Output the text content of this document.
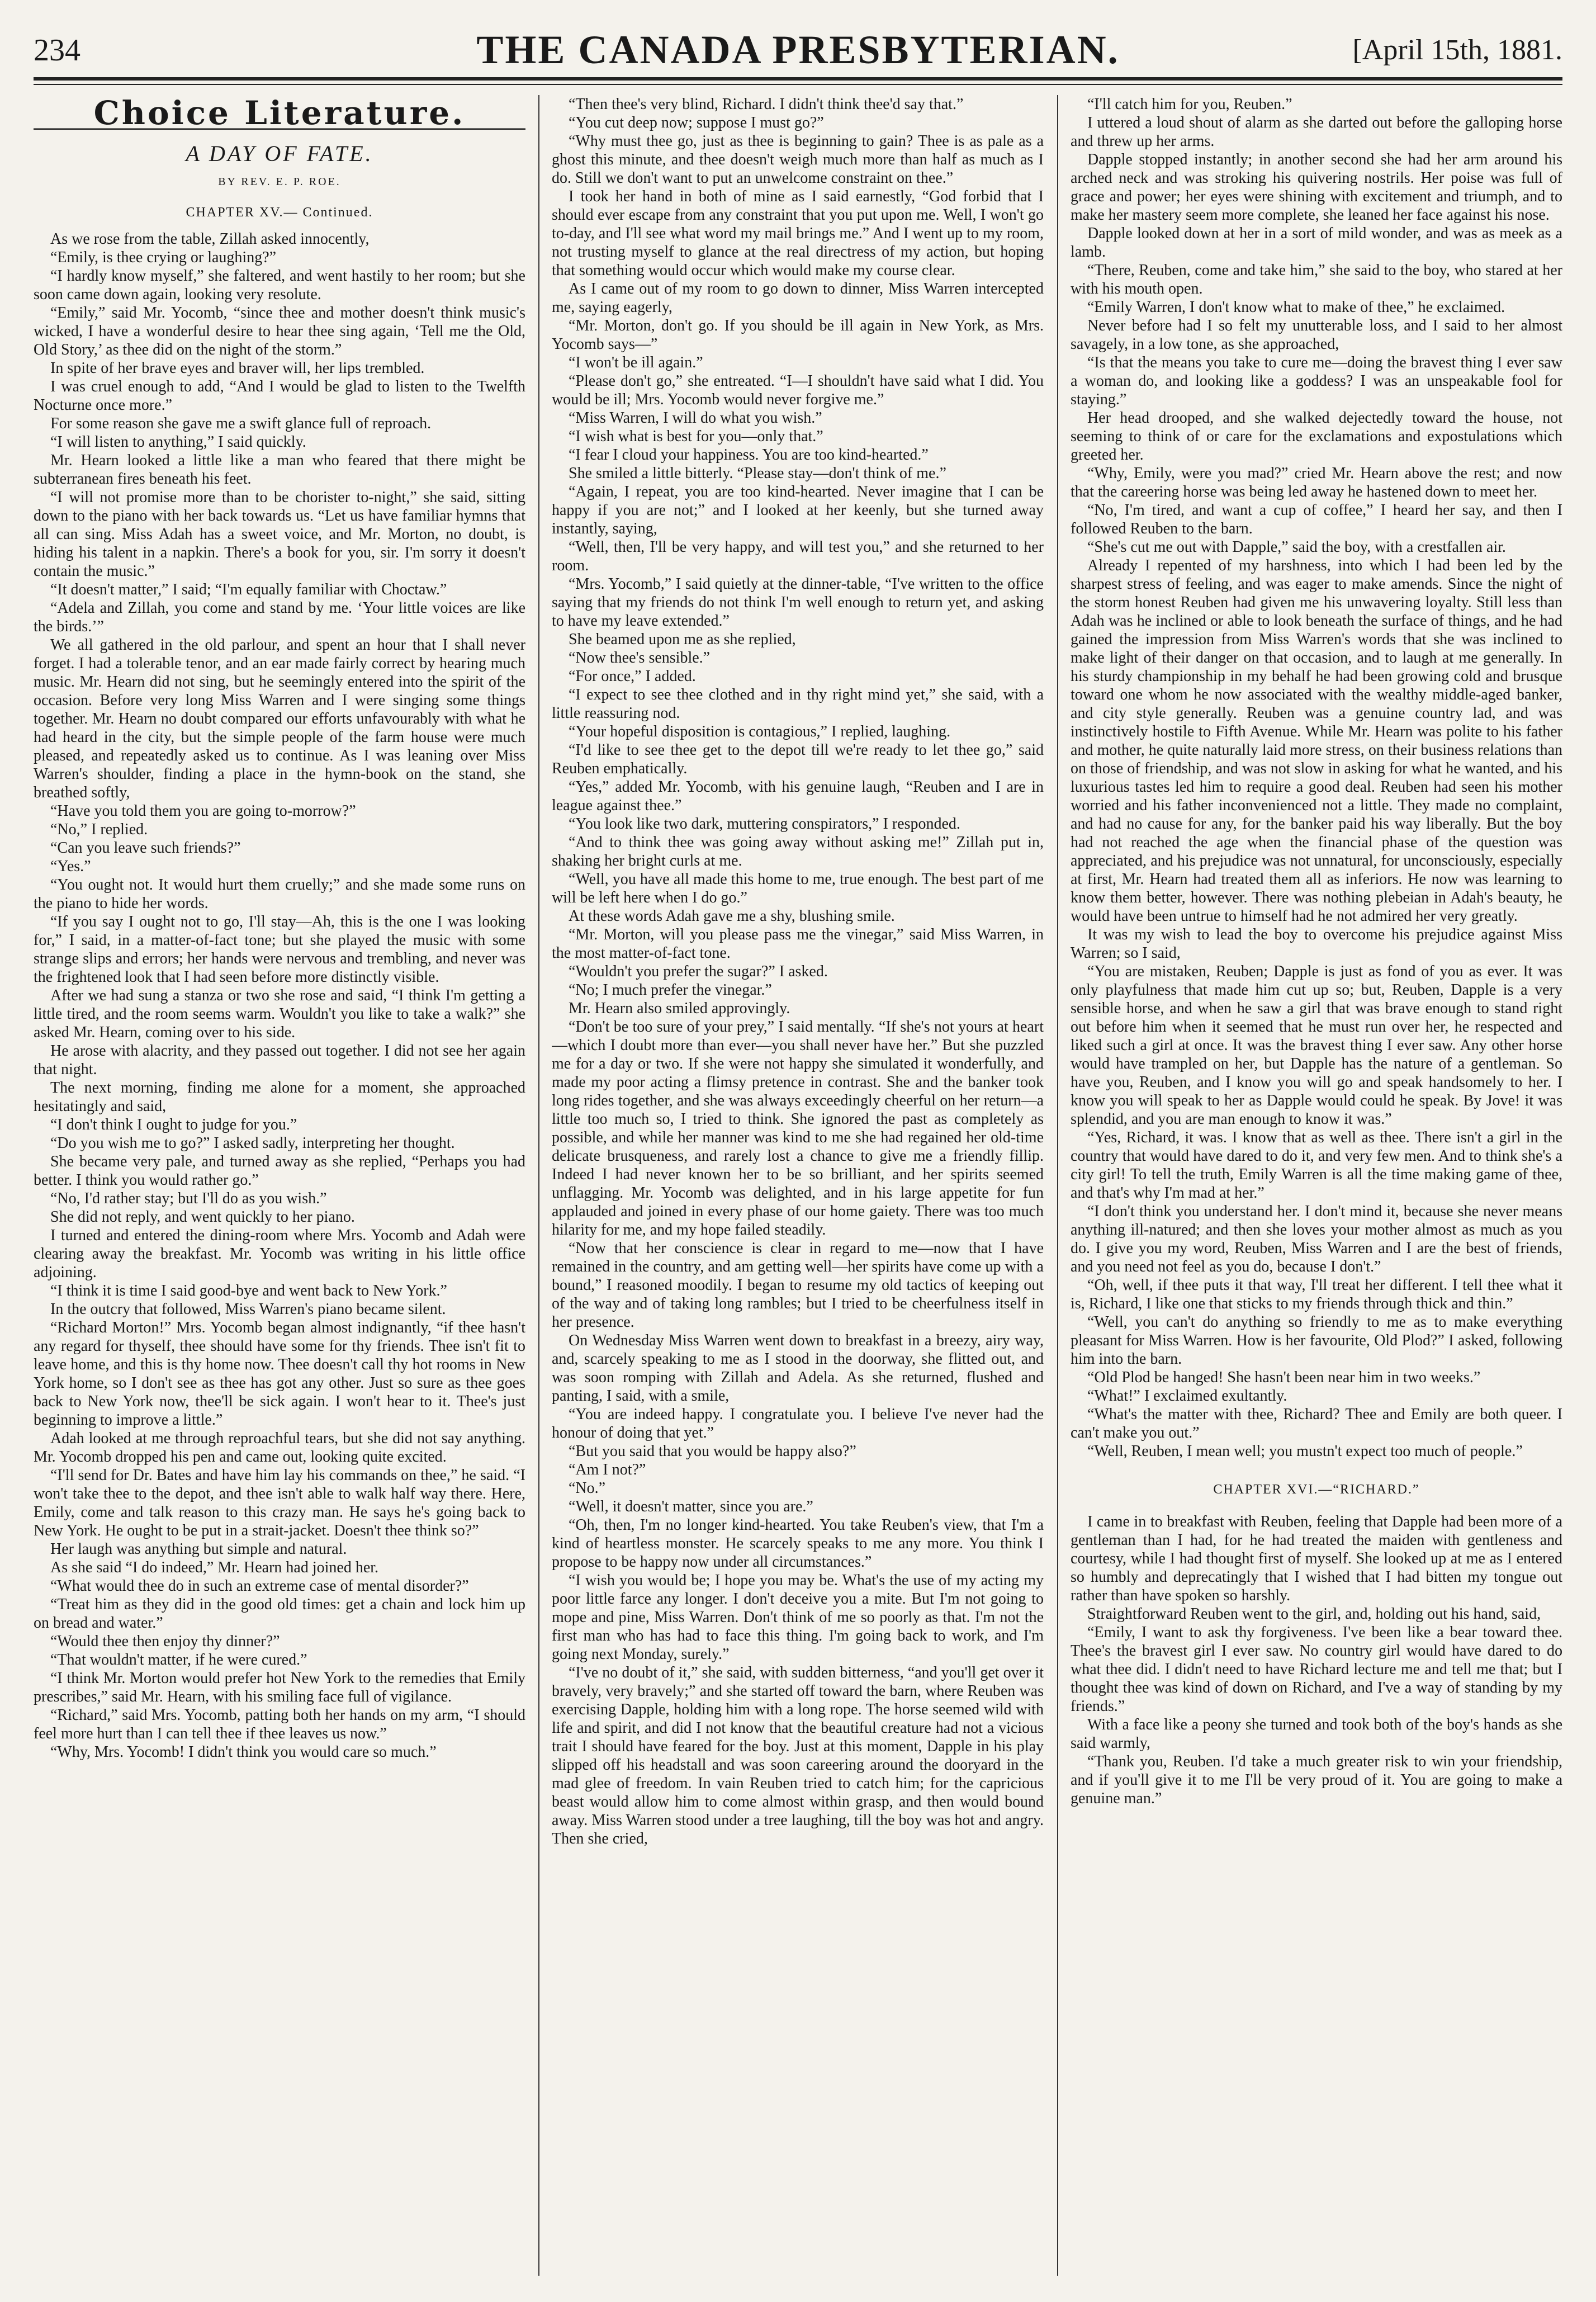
234	THE CANADA PRESBYTERIAN.	[April 15th, 1881.
Choice Literature.
A DAY OF FATE.
BY REV. E. P. ROE.
CHAPTER XV.— Continued.

As we rose from the table, Zillah asked innocently,

“Emily, is thee crying or laughing?”

“I hardly know myself,” she faltered, and went hastily to her room; but she soon came down again, looking very resolute.

“Emily,” said Mr. Yocomb, “since thee and mother doesn't think music's wicked, I have a wonderful desire to hear thee sing again, ‘Tell me the Old, Old Story,’ as thee did on the night of the storm.”

In spite of her brave eyes and braver will, her lips trembled.

I was cruel enough to add, “And I would be glad to listen to the Twelfth Nocturne once more.”

For some reason she gave me a swift glance full of reproach.

“I will listen to anything,” I said quickly.

Mr. Hearn looked a little like a man who feared that there might be subterranean fires beneath his feet.

“I will not promise more than to be chorister to-night,” she said, sitting down to the piano with her back towards us. “Let us have familiar hymns that all can sing. Miss Adah has a sweet voice, and Mr. Morton, no doubt, is hiding his talent in a napkin. There's a book for you, sir. I'm sorry it doesn't contain the music.”

“It doesn't matter,” I said; “I'm equally familiar with Choctaw.”

“Adela and Zillah, you come and stand by me. ‘Your little voices are like the birds.’”

We all gathered in the old parlour, and spent an hour that I shall never forget. I had a tolerable tenor, and an ear made fairly correct by hearing much music. Mr. Hearn did not sing, but he seemingly entered into the spirit of the occasion. Before very long Miss Warren and I were singing some things together. Mr. Hearn no doubt compared our efforts unfavourably with what he had heard in the city, but the simple people of the farm house were much pleased, and repeatedly asked us to continue. As I was leaning over Miss Warren's shoulder, finding a place in the hymn-book on the stand, she breathed softly,

“Have you told them you are going to-morrow?”

“No,” I replied.

“Can you leave such friends?”

“Yes.”

“You ought not. It would hurt them cruelly;” and she made some runs on the piano to hide her words.

“If you say I ought not to go, I'll stay—Ah, this is the one I was looking for,” I said, in a matter-of-fact tone; but she played the music with some strange slips and errors; her hands were nervous and trembling, and never was the frightened look that I had seen before more distinctly visible.

After we had sung a stanza or two she rose and said, “I think I'm getting a little tired, and the room seems warm. Wouldn't you like to take a walk?” she asked Mr. Hearn, coming over to his side.

He arose with alacrity, and they passed out together. I did not see her again that night.

The next morning, finding me alone for a moment, she approached hesitatingly and said,

“I don't think I ought to judge for you.”

“Do you wish me to go?” I asked sadly, interpreting her thought.

She became very pale, and turned away as she replied, “Perhaps you had better. I think you would rather go.”

“No, I'd rather stay; but I'll do as you wish.”

She did not reply, and went quickly to her piano.

I turned and entered the dining-room where Mrs. Yocomb and Adah were clearing away the breakfast. Mr. Yocomb was writing in his little office adjoining.

“I think it is time I said good-bye and went back to New York.”

In the outcry that followed, Miss Warren's piano became silent.

“Richard Morton!” Mrs. Yocomb began almost indignantly, “if thee hasn't any regard for thyself, thee should have some for thy friends. Thee isn't fit to leave home, and this is thy home now. Thee doesn't call thy hot rooms in New York home, so I don't see as thee has got any other. Just so sure as thee goes back to New York now, thee'll be sick again. I won't hear to it. Thee's just beginning to improve a little.”

Adah looked at me through reproachful tears, but she did not say anything. Mr. Yocomb dropped his pen and came out, looking quite excited.

“I'll send for Dr. Bates and have him lay his commands on thee,” he said. “I won't take thee to the depot, and thee isn't able to walk half way there. Here, Emily, come and talk reason to this crazy man. He says he's going back to New York. He ought to be put in a strait-jacket. Doesn't thee think so?”

Her laugh was anything but simple and natural.

As she said “I do indeed,” Mr. Hearn had joined her.

“What would thee do in such an extreme case of mental disorder?”

“Treat him as they did in the good old times: get a chain and lock him up on bread and water.”

“Would thee then enjoy thy dinner?”

“That wouldn't matter, if he were cured.”

“I think Mr. Morton would prefer hot New York to the remedies that Emily prescribes,” said Mr. Hearn, with his smiling face full of vigilance.

“Richard,” said Mrs. Yocomb, patting both her hands on my arm, “I should feel more hurt than I can tell thee if thee leaves us now.”

“Why, Mrs. Yocomb! I didn't think you would care so much.”

“Then thee's very blind, Richard. I didn't think thee'd say that.”

“You cut deep now; suppose I must go?”

“Why must thee go, just as thee is beginning to gain? Thee is as pale as a ghost this minute, and thee doesn't weigh much more than half as much as I do. Still we don't want to put an unwelcome constraint on thee.”

I took her hand in both of mine as I said earnestly, “God forbid that I should ever escape from any constraint that you put upon me. Well, I won't go to-day, and I'll see what word my mail brings me.” And I went up to my room, not trusting myself to glance at the real directress of my action, but hoping that something would occur which would make my course clear.

As I came out of my room to go down to dinner, Miss Warren intercepted me, saying eagerly,

“Mr. Morton, don't go. If you should be ill again in New York, as Mrs. Yocomb says—”

“I won't be ill again.”

“Please don't go,” she entreated. “I—I shouldn't have said what I did. You would be ill; Mrs. Yocomb would never forgive me.”

“Miss Warren, I will do what you wish.”

“I wish what is best for you—only that.”

“I fear I cloud your happiness. You are too kind-hearted.”

She smiled a little bitterly. “Please stay—don't think of me.”

“Again, I repeat, you are too kind-hearted. Never imagine that I can be happy if you are not;” and I looked at her keenly, but she turned away instantly, saying,

“Well, then, I'll be very happy, and will test you,” and she returned to her room.

“Mrs. Yocomb,” I said quietly at the dinner-table, “I've written to the office saying that my friends do not think I'm well enough to return yet, and asking to have my leave extended.”

She beamed upon me as she replied,

“Now thee's sensible.”

“For once,” I added.

“I expect to see thee clothed and in thy right mind yet,” she said, with a little reassuring nod.

“Your hopeful disposition is contagious,” I replied, laughing.

“I'd like to see thee get to the depot till we're ready to let thee go,” said Reuben emphatically.

“Yes,” added Mr. Yocomb, with his genuine laugh, “Reuben and I are in league against thee.”

“You look like two dark, muttering conspirators,” I responded.

“And to think thee was going away without asking me!” Zillah put in, shaking her bright curls at me.

“Well, you have all made this home to me, true enough. The best part of me will be left here when I do go.”

At these words Adah gave me a shy, blushing smile.

“Mr. Morton, will you please pass me the vinegar,” said Miss Warren, in the most matter-of-fact tone.

“Wouldn't you prefer the sugar?” I asked.

“No; I much prefer the vinegar.”

Mr. Hearn also smiled approvingly.

“Don't be too sure of your prey,” I said mentally. “If she's not yours at heart—which I doubt more than ever—you shall never have her.” But she puzzled me for a day or two. If she were not happy she simulated it wonderfully, and made my poor acting a flimsy pretence in contrast. She and the banker took long rides together, and she was always exceedingly cheerful on her return—a little too much so, I tried to think. She ignored the past as completely as possible, and while her manner was kind to me she had regained her old-time delicate brusqueness, and rarely lost a chance to give me a friendly fillip. Indeed I had never known her to be so brilliant, and her spirits seemed unflagging. Mr. Yocomb was delighted, and in his large appetite for fun applauded and joined in every phase of our home gaiety. There was too much hilarity for me, and my hope failed steadily.

“Now that her conscience is clear in regard to me—now that I have remained in the country, and am getting well—her spirits have come up with a bound,” I reasoned moodily. I began to resume my old tactics of keeping out of the way and of taking long rambles; but I tried to be cheerfulness itself in her presence.

On Wednesday Miss Warren went down to breakfast in a breezy, airy way, and, scarcely speaking to me as I stood in the doorway, she flitted out, and was soon romping with Zillah and Adela. As she returned, flushed and panting, I said, with a smile,

“You are indeed happy. I congratulate you. I believe I've never had the honour of doing that yet.”

“But you said that you would be happy also?”

“Am I not?”

“No.”

“Well, it doesn't matter, since you are.”

“Oh, then, I'm no longer kind-hearted. You take Reuben's view, that I'm a kind of heartless monster. He scarcely speaks to me any more. You think I propose to be happy now under all circumstances.”

“I wish you would be; I hope you may be. What's the use of my acting my poor little farce any longer. I don't deceive you a mite. But I'm not going to mope and pine, Miss Warren. Don't think of me so poorly as that. I'm not the first man who has had to face this thing. I'm going back to work, and I'm going next Monday, surely.”

“I've no doubt of it,” she said, with sudden bitterness, “and you'll get over it bravely, very bravely;” and she started off toward the barn, where Reuben was exercising Dapple, holding him with a long rope. The horse seemed wild with life and spirit, and did I not know that the beautiful creature had not a vicious trait I should have feared for the boy. Just at this moment, Dapple in his play slipped off his headstall and was soon careering around the dooryard in the mad glee of freedom. In vain Reuben tried to catch him; for the capricious beast would allow him to come almost within grasp, and then would bound away. Miss Warren stood under a tree laughing, till the boy was hot and angry. Then she cried,

“I'll catch him for you, Reuben.”

I uttered a loud shout of alarm as she darted out before the galloping horse and threw up her arms.

Dapple stopped instantly; in another second she had her arm around his arched neck and was stroking his quivering nostrils. Her poise was full of grace and power; her eyes were shining with excitement and triumph, and to make her mastery seem more complete, she leaned her face against his nose.

Dapple looked down at her in a sort of mild wonder, and was as meek as a lamb.

“There, Reuben, come and take him,” she said to the boy, who stared at her with his mouth open.

“Emily Warren, I don't know what to make of thee,” he exclaimed.

Never before had I so felt my unutterable loss, and I said to her almost savagely, in a low tone, as she approached,

“Is that the means you take to cure me—doing the bravest thing I ever saw a woman do, and looking like a goddess? I was an unspeakable fool for staying.”

Her head drooped, and she walked dejectedly toward the house, not seeming to think of or care for the exclamations and expostulations which greeted her.

“Why, Emily, were you mad?” cried Mr. Hearn above the rest; and now that the careering horse was being led away he hastened down to meet her.

“No, I'm tired, and want a cup of coffee,” I heard her say, and then I followed Reuben to the barn.

“She's cut me out with Dapple,” said the boy, with a crestfallen air.

Already I repented of my harshness, into which I had been led by the sharpest stress of feeling, and was eager to make amends. Since the night of the storm honest Reuben had given me his unwavering loyalty. Still less than Adah was he inclined or able to look beneath the surface of things, and he had gained the impression from Miss Warren's words that she was inclined to make light of their danger on that occasion, and to laugh at me generally. In his sturdy championship in my behalf he had been growing cold and brusque toward one whom he now associated with the wealthy middle-aged banker, and city style generally. Reuben was a genuine country lad, and was instinctively hostile to Fifth Avenue. While Mr. Hearn was polite to his father and mother, he quite naturally laid more stress, on their business relations than on those of friendship, and was not slow in asking for what he wanted, and his luxurious tastes led him to require a good deal. Reuben had seen his mother worried and his father inconvenienced not a little. They made no complaint, and had no cause for any, for the banker paid his way liberally. But the boy had not reached the age when the financial phase of the question was appreciated, and his prejudice was not unnatural, for unconsciously, especially at first, Mr. Hearn had treated them all as inferiors. He now was learning to know them better, however. There was nothing plebeian in Adah's beauty, he would have been untrue to himself had he not admired her very greatly.

It was my wish to lead the boy to overcome his prejudice against Miss Warren; so I said,

“You are mistaken, Reuben; Dapple is just as fond of you as ever. It was only playfulness that made him cut up so; but, Reuben, Dapple is a very sensible horse, and when he saw a girl that was brave enough to stand right out before him when it seemed that he must run over her, he respected and liked such a girl at once. It was the bravest thing I ever saw. Any other horse would have trampled on her, but Dapple has the nature of a gentleman. So have you, Reuben, and I know you will go and speak handsomely to her. I know you will speak to her as Dapple would could he speak. By Jove! it was splendid, and you are man enough to know it was.”

“Yes, Richard, it was. I know that as well as thee. There isn't a girl in the country that would have dared to do it, and very few men. And to think she's a city girl! To tell the truth, Emily Warren is all the time making game of thee, and that's why I'm mad at her.”

“I don't think you understand her. I don't mind it, because she never means anything ill-natured; and then she loves your mother almost as much as you do. I give you my word, Reuben, Miss Warren and I are the best of friends, and you need not feel as you do, because I don't.”

“Oh, well, if thee puts it that way, I'll treat her different. I tell thee what it is, Richard, I like one that sticks to my friends through thick and thin.”

“Well, you can't do anything so friendly to me as to make everything pleasant for Miss Warren. How is her favourite, Old Plod?” I asked, following him into the barn.

“Old Plod be hanged! She hasn't been near him in two weeks.”

“What!” I exclaimed exultantly.

“What's the matter with thee, Richard? Thee and Emily are both queer. I can't make you out.”

“Well, Reuben, I mean well; you mustn't expect too much of people.”

CHAPTER XVI.—“RICHARD.”

I came in to breakfast with Reuben, feeling that Dapple had been more of a gentleman than I had, for he had treated the maiden with gentleness and courtesy, while I had thought first of myself. She looked up at me as I entered so humbly and deprecatingly that I wished that I had bitten my tongue out rather than have spoken so harshly.

Straightforward Reuben went to the girl, and, holding out his hand, said,

“Emily, I want to ask thy forgiveness. I've been like a bear toward thee. Thee's the bravest girl I ever saw. No country girl would have dared to do what thee did. I didn't need to have Richard lecture me and tell me that; but I thought thee was kind of down on Richard, and I've a way of standing by my friends.”

With a face like a peony she turned and took both of the boy's hands as she said warmly,

“Thank you, Reuben. I'd take a much greater risk to win your friendship, and if you'll give it to me I'll be very proud of it. You are going to make a genuine man.”
